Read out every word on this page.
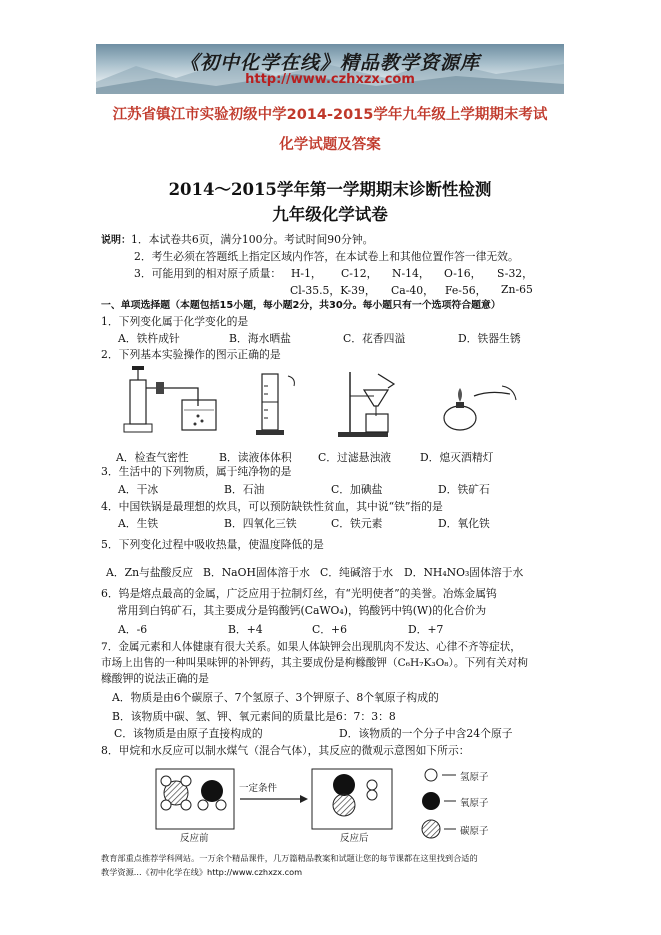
《初中化学在线》精品教学资源库
http://www.czhxzx.com
江苏省镇江市实验初级中学2014-2015学年九年级上学期期末考试
化学试题及答案
2014～2015学年第一学期期末诊断性检测
九年级化学试卷
说明：1．本试卷共6页，满分100分。考试时间90分钟。
2．考生必须在答题纸上指定区域内作答，在本试卷上和其他位置作答一律无效。
3．可能用到的相对原子质量： H-1， C-12， N-14， O-16， S-32，
Cl-35.5，K-39， Ca-40， Fe-56， Zn-65
一、单项选择题（本题包括15小题，每小题2分，共30分。每小题只有一个选项符合题意）
1．下列变化属于化学变化的是
A．铁杵成针	B．海水晒盐	C．花香四溢	D．铁器生锈
2．下列基本实验操作的图示正确的是
A．检查气密性	B．读液体体积 C．过滤悬浊液	D．熄灭酒精灯
3．生活中的下列物质，属于纯净物的是
A．干冰	B．石油	C．加碘盐	D．铁矿石
4．中国铁锅是最理想的炊具，可以预防缺铁性贫血，其中说“铁”指的是
A．生铁	B．四氧化三铁	C．铁元素	D．氧化铁
5．下列变化过程中吸收热量，使温度降低的是
A．Zn与盐酸反应 B．NaOH固体溶于水 C．纯碱溶于水 D．NH₄NO₃固体溶于水
6．钨是熔点最高的金属，广泛应用于拉制灯丝，有“光明使者”的美誉。冶炼金属钨
常用到白钨矿石，其主要成分是钨酸钙(CaWO₄)，钨酸钙中钨(W)的化合价为
A．-6	B．+4	C．+6	D．+7
7．金属元素和人体健康有很大关系。如果人体缺钾会出现肌肉不发达、心律不齐等症状，
市场上出售的一种叫果味钾的补钾药，其主要成份是枸橼酸钾（C₆H₇K₃O₈）。下列有关对枸
橼酸钾的说法正确的是
A．物质是由6个碳原子、7个氢原子、3个钾原子、8个氧原子构成的
B．该物质中碳、氢、钾、氧元素间的质量比是6：7：3：8
C．该物质是由原子直接构成的	D．该物质的一个分子中含24个原子
8．甲烷和水反应可以制水煤气（混合气体），其反应的微观示意图如下所示：
一定条件
反应前	反应后
氢原子
氧原子
碳原子
教育部重点推荐学科网站。一万余个精品课件，几万篇精品教案和试题让您的每节课都在这里找到合适的
教学资源...《初中化学在线》http://www.czhxzx.com
